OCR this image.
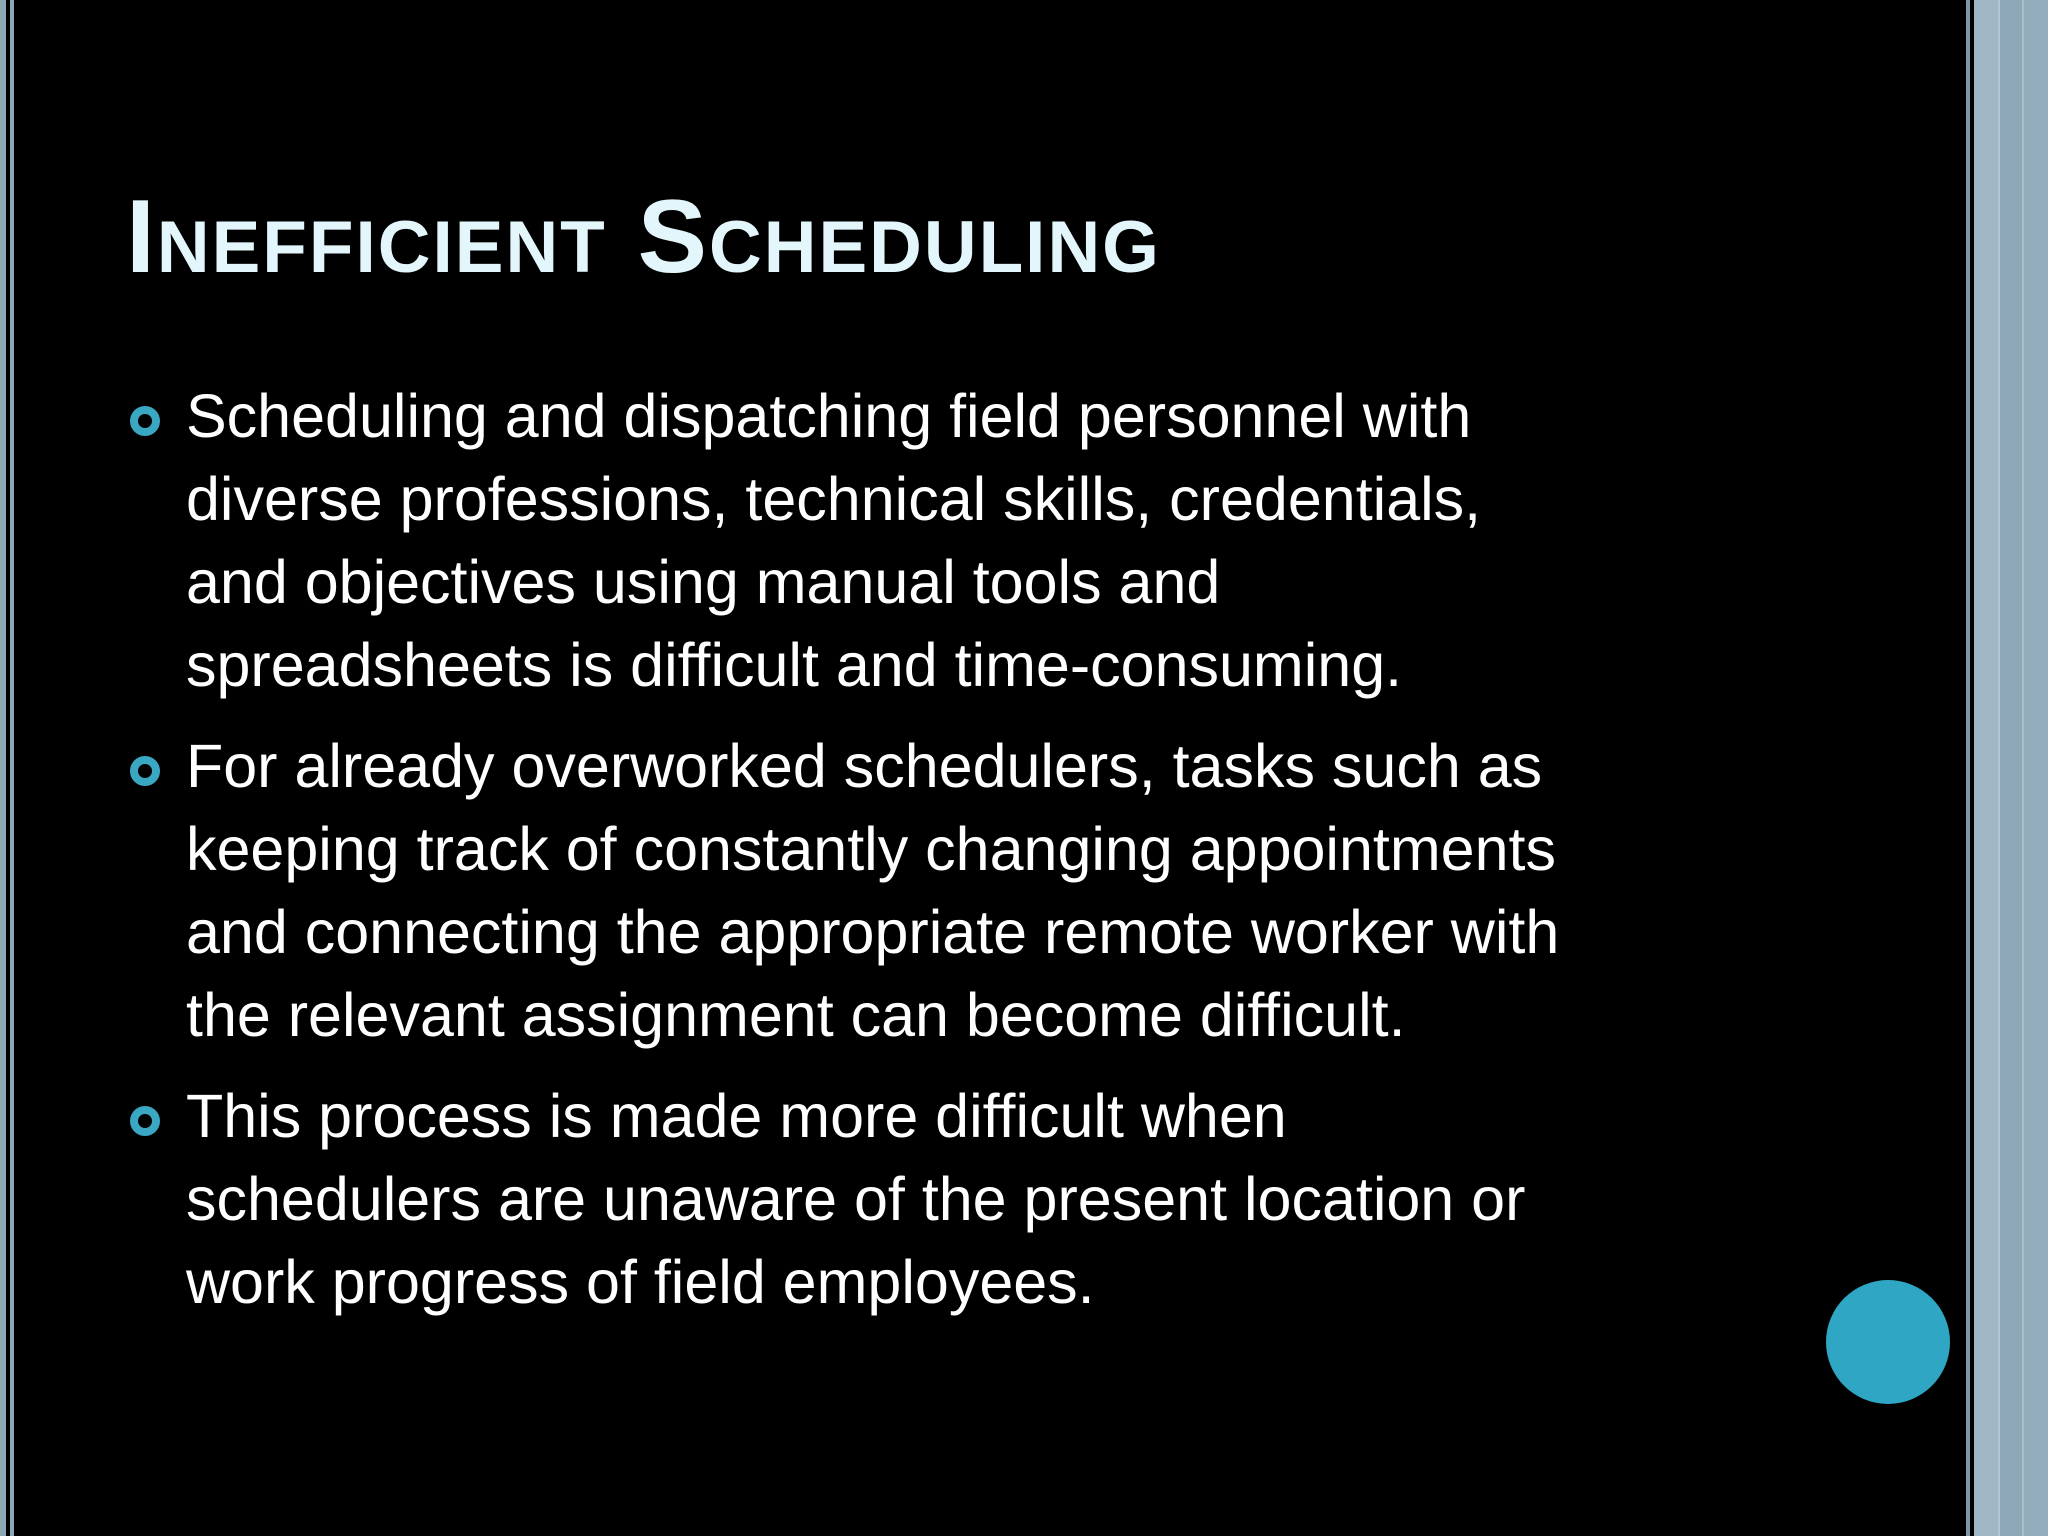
Inefficient Scheduling
Scheduling and dispatching field personnel with
diverse professions, technical skills, credentials,
and objectives using manual tools and
spreadsheets is difficult and time-consuming.
For already overworked schedulers, tasks such as
keeping track of constantly changing appointments
and connecting the appropriate remote worker with
the relevant assignment can become difficult.
This process is made more difficult when
schedulers are unaware of the present location or
work progress of field employees.
